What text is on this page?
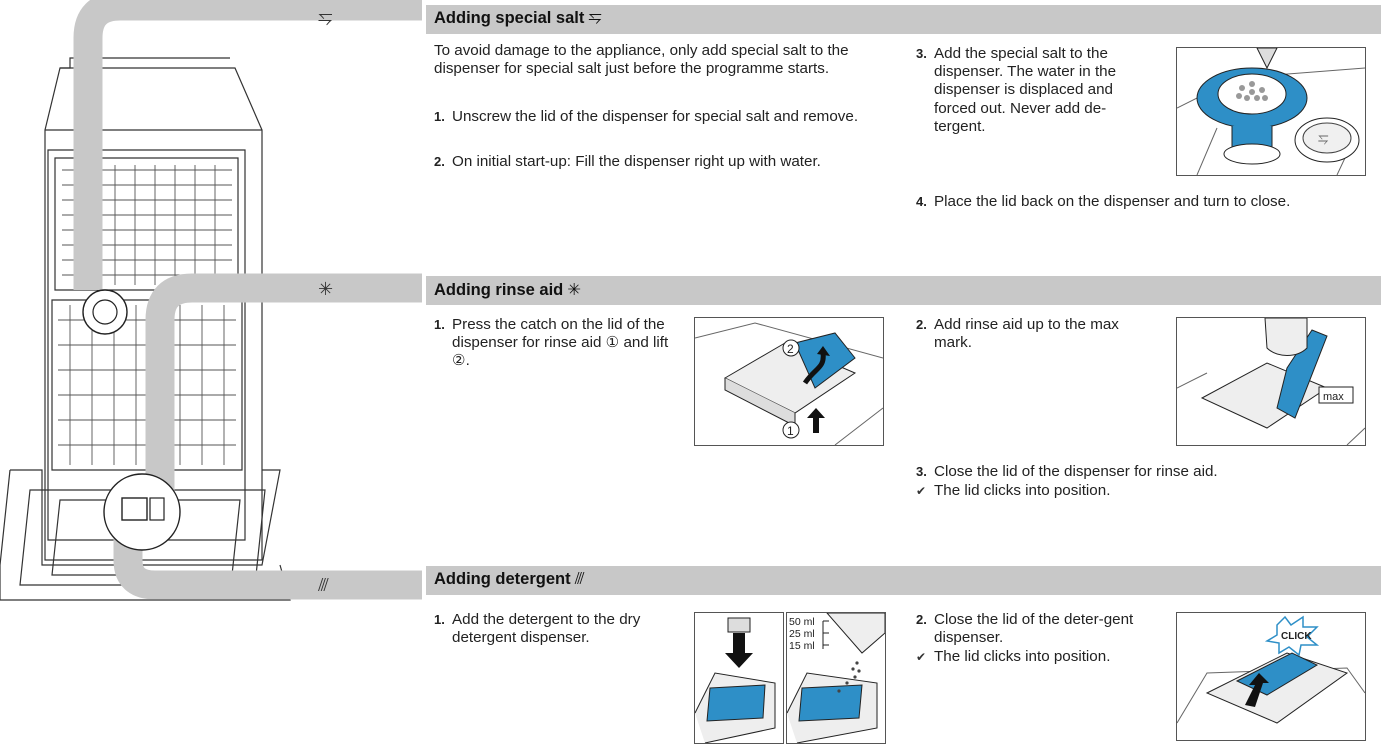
⥧
✳
⫻
Adding special salt ⥧
To avoid damage to the appliance, only add special salt to the dispenser for special salt just before the programme starts.
1. Unscrew the lid of the dispenser for special salt and remove.
2. On initial start-up: Fill the dispenser right up with water.
3. Add the special salt to the dispenser. The water in the dispenser is displaced and forced out. Never add de-tergent.
4. Place the lid back on the dispenser and turn to close.
⥧
Adding rinse aid ✳
1. Press the catch on the lid of the dispenser for rinse aid ① and lift ②.
2. Add rinse aid up to the max mark.
3. Close the lid of the dispenser for rinse aid.
✔ The lid clicks into position.
2
1
max
Adding detergent ⫻
1. Add the detergent to the dry detergent dispenser.
2. Close the lid of the deter-gent dispenser.
✔ The lid clicks into position.
50 ml
25 ml
15 ml
CLICK
